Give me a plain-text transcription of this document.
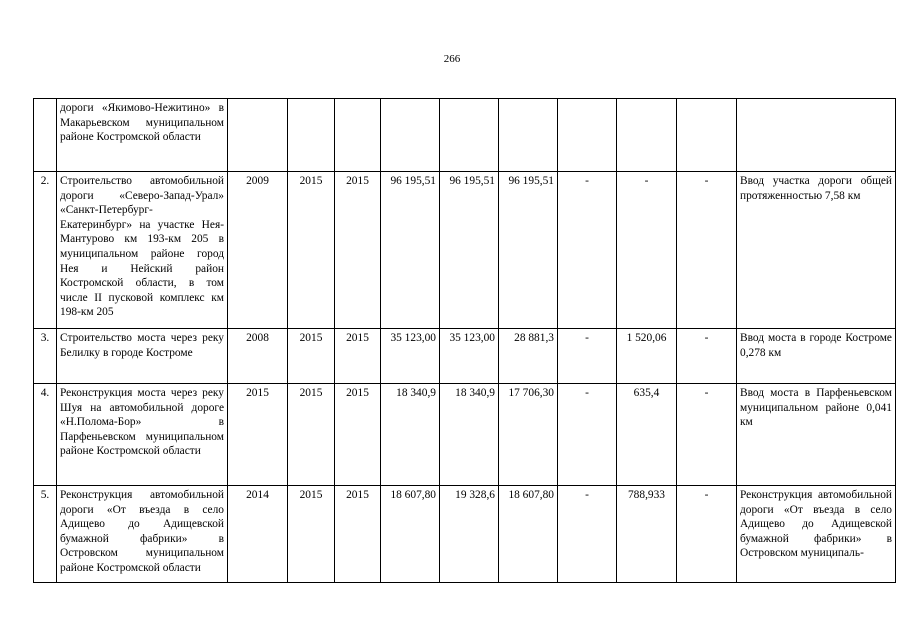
266
	дороги «Якимово-Нежитино» в Макарьевском муниципальном районе Костромской области										
2.	Строительство автомобильной дороги «Северо-Запад-Урал» «Санкт-Петербург-Екатеринбург» на участке Нея-Мантурово км 193-км 205 в муниципальном районе город Нея и Нейский район Костромской области, в том числе II пусковой комплекс км 198-км 205	2009	2015	2015	96 195,51	96 195,51	96 195,51	-	-	-	Ввод участка дороги общей протяженностью 7,58 км
3.	Строительство моста через реку Белилку в городе Костроме	2008	2015	2015	35 123,00	35 123,00	28 881,3	-	1 520,06	-	Ввод моста в городе Костроме 0,278 км
4.	Реконструкция моста через реку Шуя на автомобильной дороге «Н.Полома-Бор» в Парфеньевском муниципальном районе Костромской области	2015	2015	2015	18 340,9	18 340,9	17 706,30	-	635,4	-	Ввод моста в Парфеньевском муниципальном районе 0,041 км
5.	Реконструкция автомобильной дороги «От въезда в село Адищево до Адищевской бумажной фабрики» в Островском муниципальном районе Костромской области	2014	2015	2015	18 607,80	19 328,6	18 607,80	-	788,933	-	Реконструкция автомобильной дороги «От въезда в село Адищево до Адищевской бумажной фабрики» в Островском муниципаль-
